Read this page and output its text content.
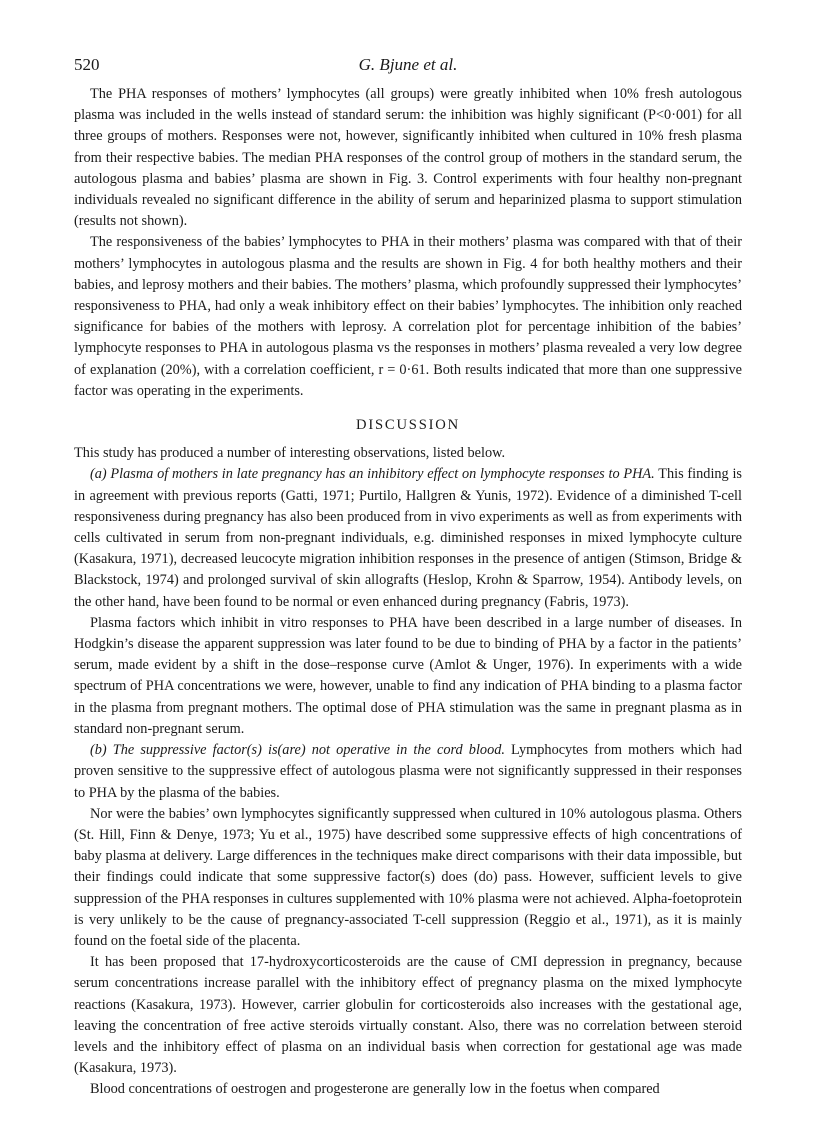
520	G. Bjune et al.

The PHA responses of mothers’ lymphocytes (all groups) were greatly inhibited when 10% fresh autologous plasma was included in the wells instead of standard serum: the inhibition was highly significant (P<0·001) for all three groups of mothers. Responses were not, however, significantly inhibited when cultured in 10% fresh plasma from their respective babies. The median PHA responses of the control group of mothers in the standard serum, the autologous plasma and babies’ plasma are shown in Fig. 3. Control experiments with four healthy non-pregnant individuals revealed no significant difference in the ability of serum and heparinized plasma to support stimulation (results not shown).

The responsiveness of the babies’ lymphocytes to PHA in their mothers’ plasma was compared with that of their mothers’ lymphocytes in autologous plasma and the results are shown in Fig. 4 for both healthy mothers and their babies, and leprosy mothers and their babies. The mothers’ plasma, which profoundly suppressed their lymphocytes’ responsiveness to PHA, had only a weak inhibitory effect on their babies’ lymphocytes. The inhibition only reached significance for babies of the mothers with leprosy. A correlation plot for percentage inhibition of the babies’ lymphocyte responses to PHA in autologous plasma vs the responses in mothers’ plasma revealed a very low degree of explanation (20%), with a correlation coefficient, r = 0·61. Both results indicated that more than one suppressive factor was operating in the experiments.

DISCUSSION

This study has produced a number of interesting observations, listed below.

(a) Plasma of mothers in late pregnancy has an inhibitory effect on lymphocyte responses to PHA. This finding is in agreement with previous reports (Gatti, 1971; Purtilo, Hallgren & Yunis, 1972). Evidence of a diminished T-cell responsiveness during pregnancy has also been produced from in vivo experiments as well as from experiments with cells cultivated in serum from non-pregnant individuals, e.g. diminished responses in mixed lymphocyte culture (Kasakura, 1971), decreased leucocyte migration inhibition responses in the presence of antigen (Stimson, Bridge & Blackstock, 1974) and prolonged survival of skin allografts (Heslop, Krohn & Sparrow, 1954). Antibody levels, on the other hand, have been found to be normal or even enhanced during pregnancy (Fabris, 1973).

Plasma factors which inhibit in vitro responses to PHA have been described in a large number of diseases. In Hodgkin’s disease the apparent suppression was later found to be due to binding of PHA by a factor in the patients’ serum, made evident by a shift in the dose–response curve (Amlot & Unger, 1976). In experiments with a wide spectrum of PHA concentrations we were, however, unable to find any indication of PHA binding to a plasma factor in the plasma from pregnant mothers. The optimal dose of PHA stimulation was the same in pregnant plasma as in standard non-pregnant serum.

(b) The suppressive factor(s) is(are) not operative in the cord blood. Lymphocytes from mothers which had proven sensitive to the suppressive effect of autologous plasma were not significantly suppressed in their responses to PHA by the plasma of the babies.

Nor were the babies’ own lymphocytes significantly suppressed when cultured in 10% autologous plasma. Others (St. Hill, Finn & Denye, 1973; Yu et al., 1975) have described some suppressive effects of high concentrations of baby plasma at delivery. Large differences in the techniques make direct comparisons with their data impossible, but their findings could indicate that some suppressive factor(s) does (do) pass. However, sufficient levels to give suppression of the PHA responses in cultures supplemented with 10% plasma were not achieved. Alpha-foetoprotein is very unlikely to be the cause of pregnancy-associated T-cell suppression (Reggio et al., 1971), as it is mainly found on the foetal side of the placenta.

It has been proposed that 17-hydroxycorticosteroids are the cause of CMI depression in pregnancy, because serum concentrations increase parallel with the inhibitory effect of pregnancy plasma on the mixed lymphocyte reactions (Kasakura, 1973). However, carrier globulin for corticosteroids also increases with the gestational age, leaving the concentration of free active steroids virtually constant. Also, there was no correlation between steroid levels and the inhibitory effect of plasma on an individual basis when correction for gestational age was made (Kasakura, 1973).

Blood concentrations of oestrogen and progesterone are generally low in the foetus when compared
